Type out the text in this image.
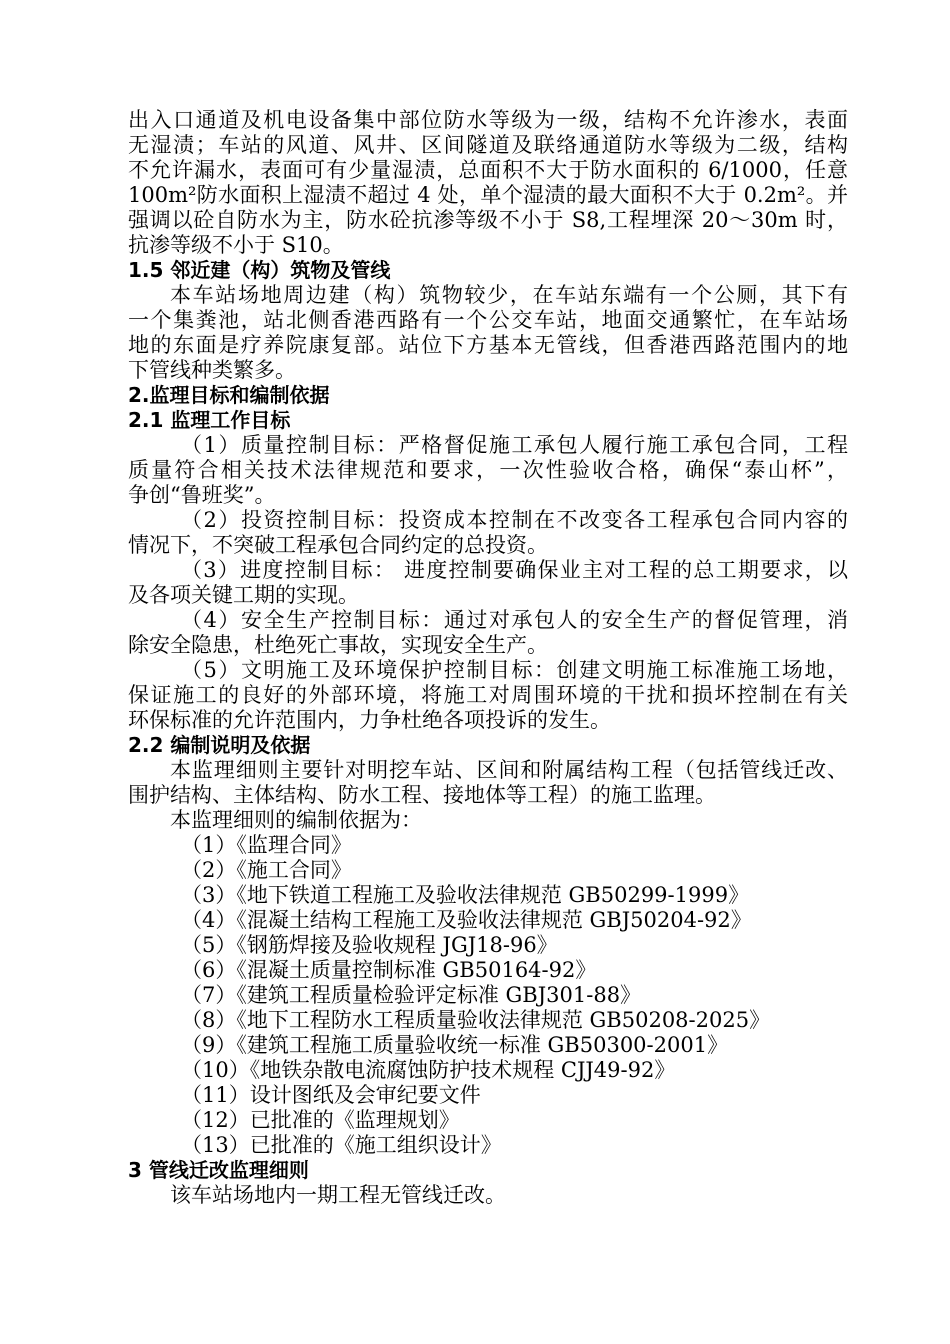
出入口通道及机电设备集中部位防水等级为一级，结构不允许渗水，表面
无湿渍；车站的风道、风井、区间隧道及联络通道防水等级为二级，结构
不允许漏水，表面可有少量湿渍，总面积不大于防水面积的 6/1000，任意
100m²防水面积上湿渍不超过 4 处，单个湿渍的最大面积不大于 0.2m²。并
强调以砼自防水为主，防水砼抗渗等级不小于 S8,工程埋深 20～30m 时，
抗渗等级不小于 S10。
1.5 邻近建（构）筑物及管线
本车站场地周边建（构）筑物较少，在车站东端有一个公厕，其下有
一个集粪池，站北侧香港西路有一个公交车站，地面交通繁忙，在车站场
地的东面是疗养院康复部。站位下方基本无管线，但香港西路范围内的地
下管线种类繁多。
2.监理目标和编制依据
2.1 监理工作目标
（1）质量控制目标：严格督促施工承包人履行施工承包合同，工程
质量符合相关技术法律规范和要求，一次性验收合格，确保“泰山杯”，
争创“鲁班奖”。
（2）投资控制目标：投资成本控制在不改变各工程承包合同内容的
情况下，不突破工程承包合同约定的总投资。
（3）进度控制目标： 进度控制要确保业主对工程的总工期要求，以
及各项关键工期的实现。
（4）安全生产控制目标：通过对承包人的安全生产的督促管理，消
除安全隐患，杜绝死亡事故，实现安全生产。
（5）文明施工及环境保护控制目标：创建文明施工标准施工场地，
保证施工的良好的外部环境，将施工对周围环境的干扰和损坏控制在有关
环保标准的允许范围内，力争杜绝各项投诉的发生。
2.2 编制说明及依据
本监理细则主要针对明挖车站、区间和附属结构工程（包括管线迁改、
围护结构、主体结构、防水工程、接地体等工程）的施工监理。
本监理细则的编制依据为：
（1）《监理合同》
（2）《施工合同》
（3）《地下铁道工程施工及验收法律规范 GB50299-1999》
（4）《混凝土结构工程施工及验收法律规范 GBJ50204-92》
（5）《钢筋焊接及验收规程 JGJ18-96》
（6）《混凝土质量控制标准 GB50164-92》
（7）《建筑工程质量检验评定标准 GBJ301-88》
（8）《地下工程防水工程质量验收法律规范 GB50208-2025》
（9）《建筑工程施工质量验收统一标准 GB50300-2001》
（10）《地铁杂散电流腐蚀防护技术规程 CJJ49-92》
（11）设计图纸及会审纪要文件
（12）已批准的《监理规划》
（13）已批准的《施工组织设计》
3 管线迁改监理细则
该车站场地内一期工程无管线迁改。
